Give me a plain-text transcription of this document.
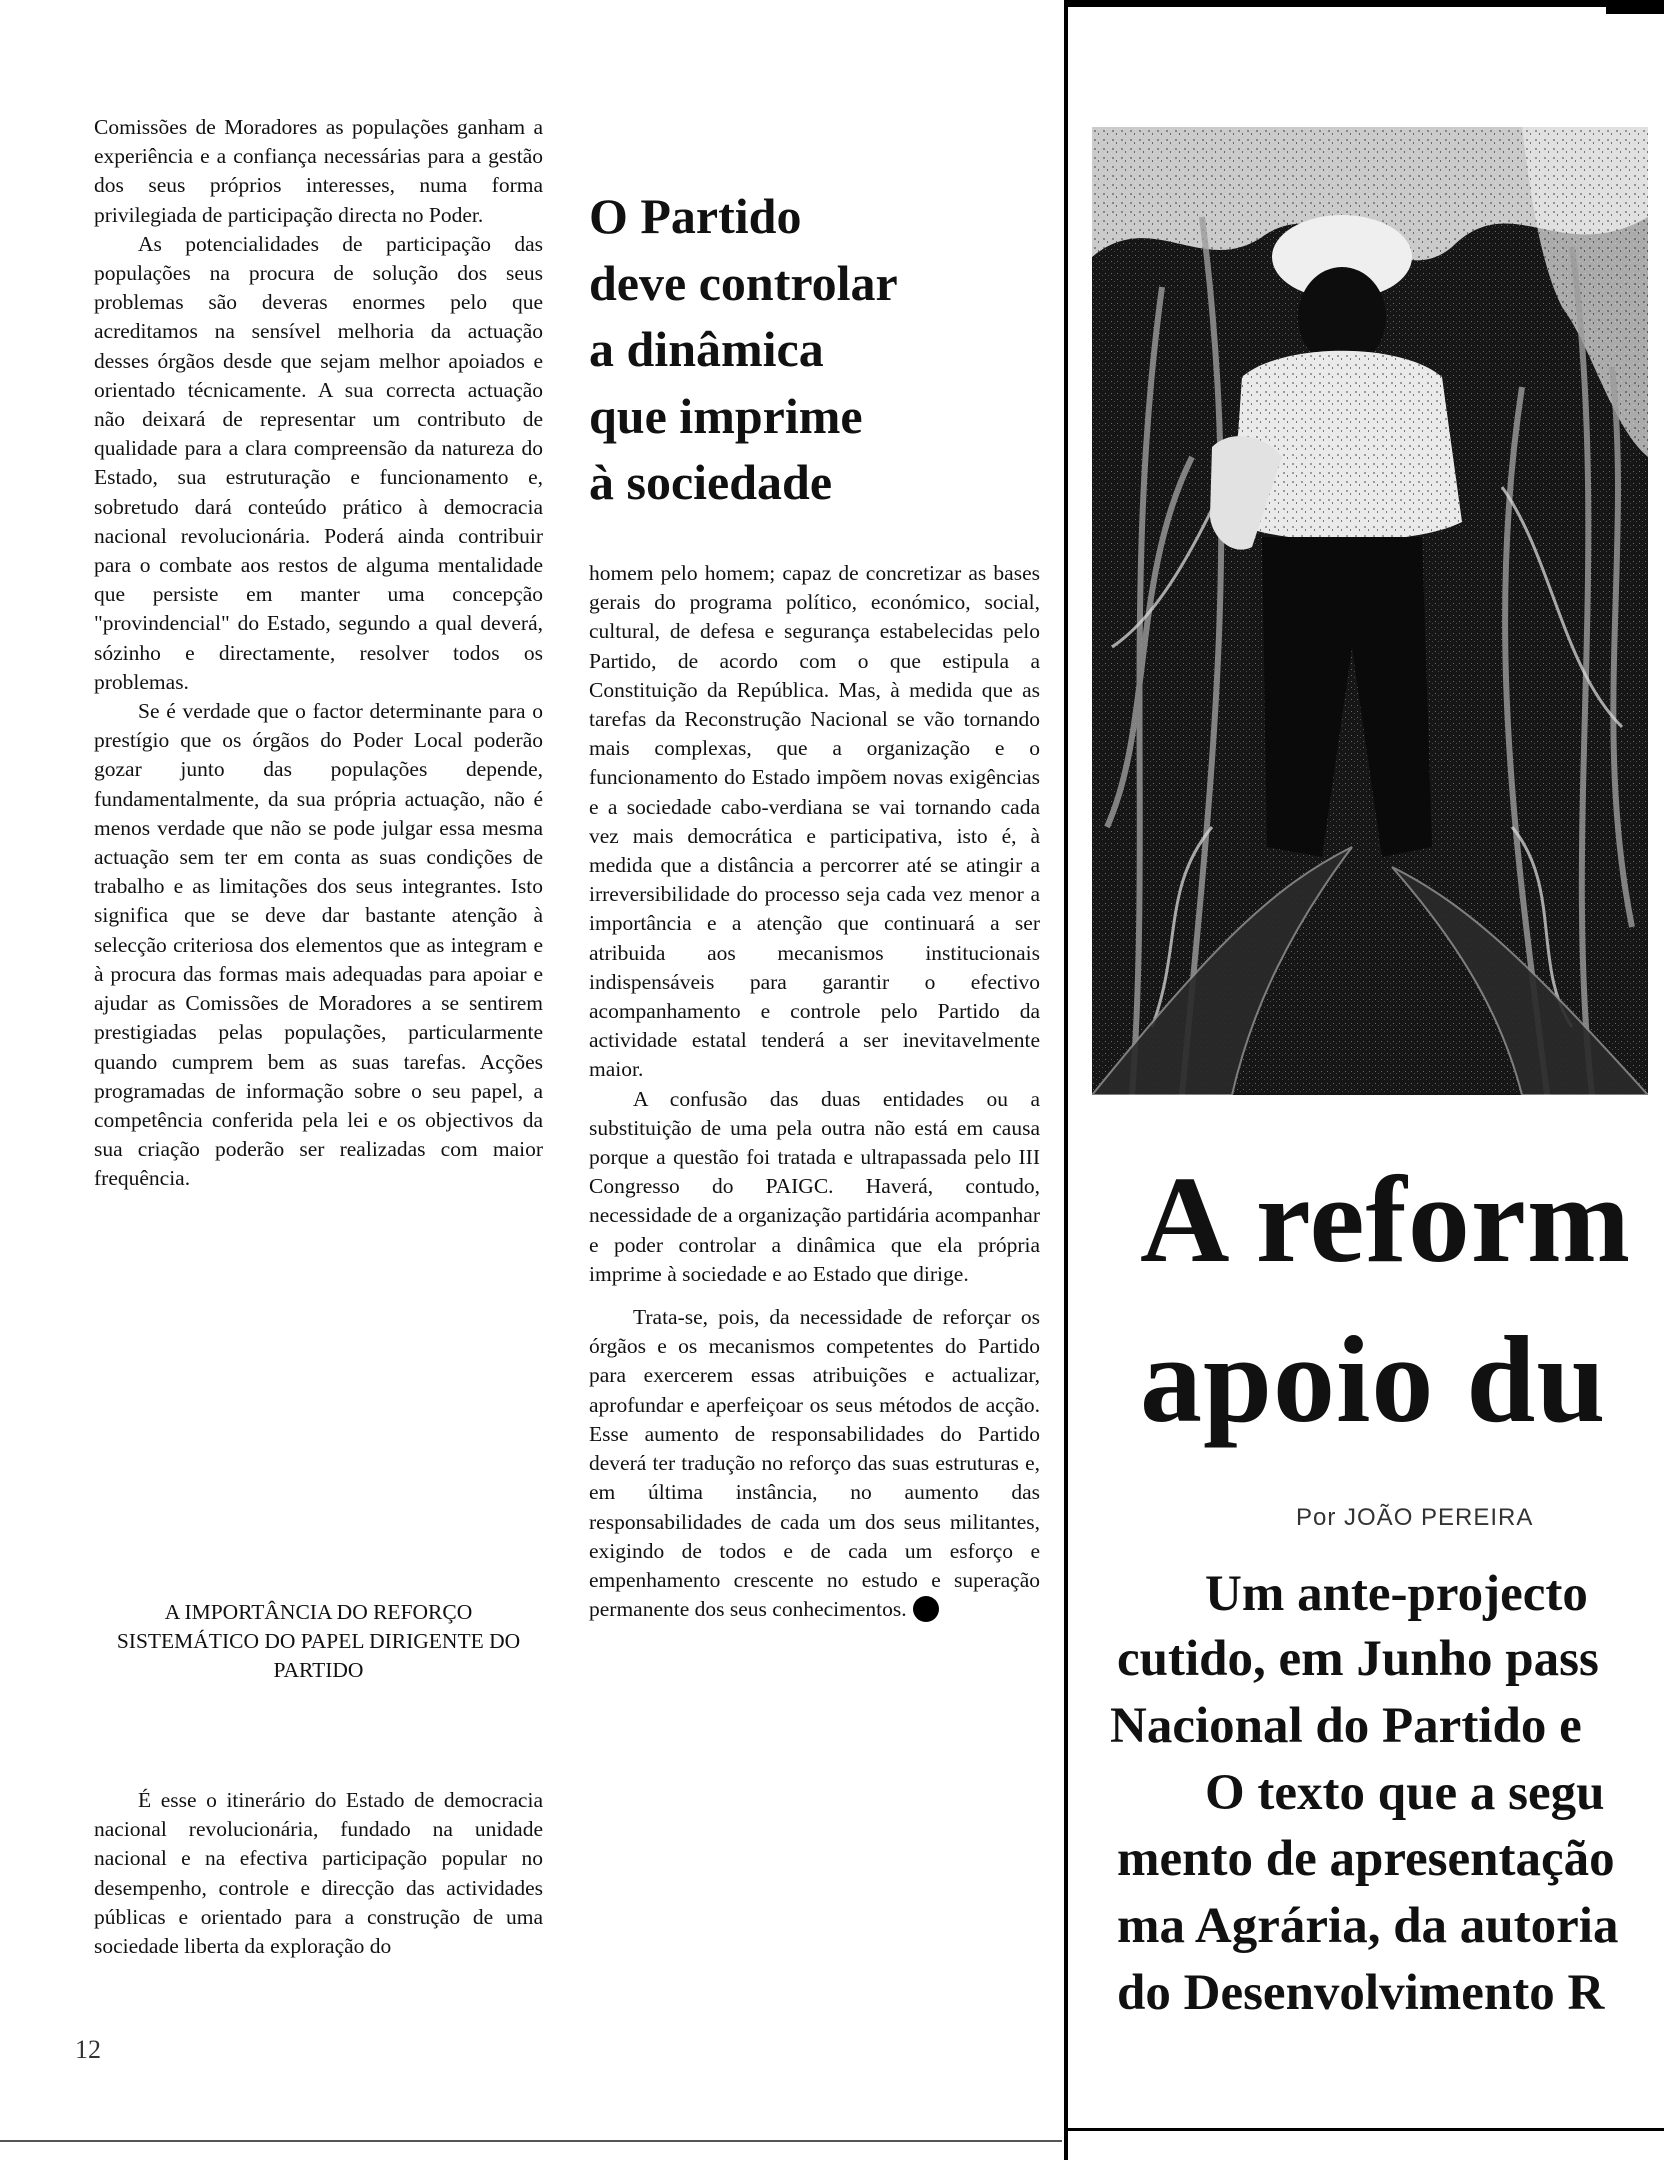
Comissões de Moradores as populações ganham a experiência e a confiança necessárias para a gestão dos seus próprios interesses, numa forma privilegiada de participação directa no Poder.

As potencialidades de participação das populações na procura de solução dos seus problemas são deveras enormes pelo que acreditamos na sensível melhoria da actuação desses órgãos desde que sejam melhor apoiados e orientado técnicamente. A sua correcta actuação não deixará de representar um contributo de qualidade para a clara compreensão da natureza do Estado, sua estruturação e funcionamento e, sobretudo dará conteúdo prático à democracia nacional revolucionária. Poderá ainda contribuir para o combate aos restos de alguma mentalidade que persiste em manter uma concepção "provindencial" do Estado, segundo a qual deverá, sózinho e directamente, resolver todos os problemas.

Se é verdade que o factor determinante para o prestígio que os órgãos do Poder Local poderão gozar junto das populações depende, fundamentalmente, da sua própria actuação, não é menos verdade que não se pode julgar essa mesma actuação sem ter em conta as suas condições de trabalho e as limitações dos seus integrantes. Isto significa que se deve dar bastante atenção à selecção criteriosa dos elementos que as integram e à procura das formas mais adequadas para apoiar e ajudar as Comissões de Moradores a se sentirem prestigiadas pelas populações, particularmente quando cumprem bem as suas tarefas. Acções programadas de informação sobre o seu papel, a competência conferida pela lei e os objectivos da sua criação poderão ser realizadas com maior frequência.

O Partido
deve controlar
a dinâmica
que imprime
à sociedade

homem pelo homem; capaz de concretizar as bases gerais do programa político, económico, social, cultural, de defesa e segurança estabelecidas pelo Partido, de acordo com o que estipula a Constituição da República. Mas, à medida que as tarefas da Reconstrução Nacional se vão tornando mais complexas, que a organização e o funcionamento do Estado impõem novas exigências e a sociedade cabo-verdiana se vai tornando cada vez mais democrática e participativa, isto é, à medida que a distância a percorrer até se atingir a irreversibilidade do processo seja cada vez menor a importância e a atenção que continuará a ser atribuida aos mecanismos institucionais indispensáveis para garantir o efectivo acompanhamento e controle pelo Partido da actividade estatal tenderá a ser inevitavelmente maior.

A confusão das duas entidades ou a substituição de uma pela outra não está em causa porque a questão foi tratada e ultrapassada pelo III Congresso do PAIGC. Haverá, contudo, necessidade de a organização partidária acompanhar e poder controlar a dinâmica que ela própria imprime à sociedade e ao Estado que dirige.

Trata-se, pois, da necessidade de reforçar os órgãos e os mecanismos competentes do Partido para exercerem essas atribuições e actualizar, aprofundar e aperfeiçoar os seus métodos de acção. Esse aumento de responsabilidades do Partido deverá ter tradução no reforço das suas estruturas e, em última instância, no aumento das responsabilidades de cada um dos seus militantes, exigindo de todos e de cada um esforço e empenhamento crescente no estudo e superação permanente dos seus conhecimentos.

A IMPORTÂNCIA DO REFORÇO SISTEMÁTICO DO PAPEL DIRIGENTE DO PARTIDO

É esse o itinerário do Estado de democracia nacional revolucionária, fundado na unidade nacional e na efectiva participação popular no desempenho, controle e direcção das actividades públicas e orientado para a construção de uma sociedade liberta da exploração do

12
A reform
apoio du
Por JOÃO PEREIRA
Um ante-projecto
cutido, em Junho pass
Nacional do Partido e
O texto que a segu
mento de apresentação
ma Agrária, da autoria
do Desenvolvimento R
